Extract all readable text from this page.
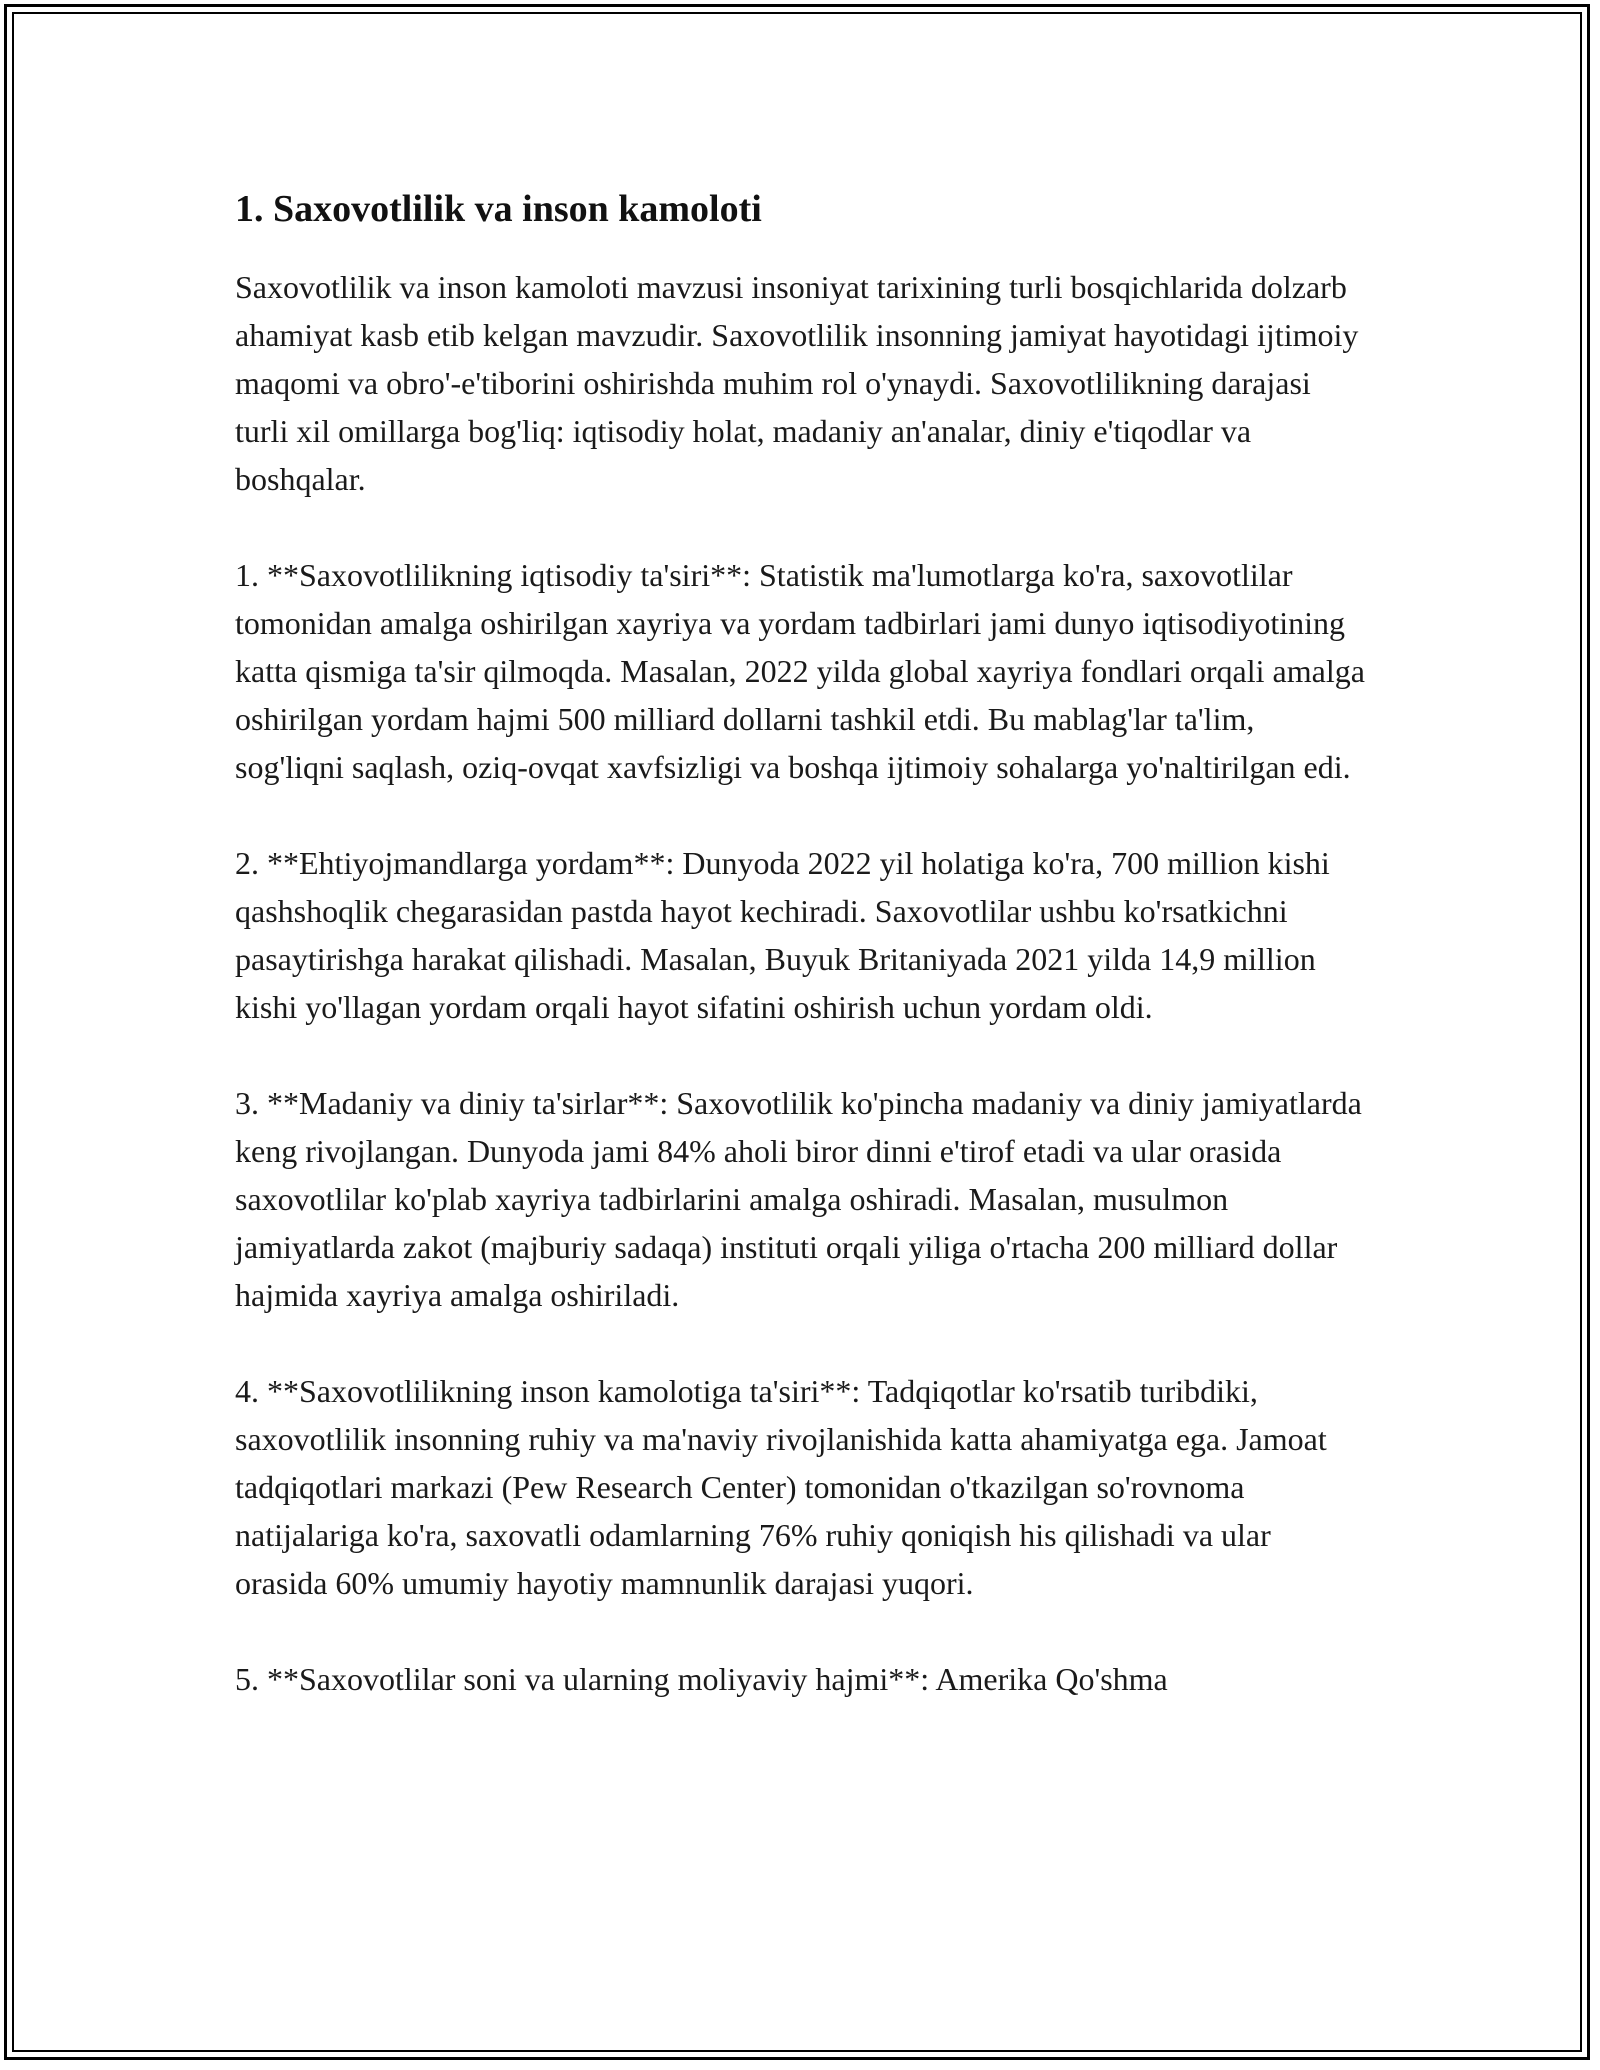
1. Saxovotlilik va inson kamoloti

Saxovotlilik va inson kamoloti mavzusi insoniyat tarixining turli bosqichlarida dolzarb ahamiyat kasb etib kelgan mavzudir. Saxovotlilik insonning jamiyat hayotidagi ijtimoiy maqomi va obro'-e'tiborini oshirishda muhim rol o'ynaydi. Saxovotlilikning darajasi turli xil omillarga bog'liq: iqtisodiy holat, madaniy an'analar, diniy e'tiqodlar va boshqalar.

1. **Saxovotlilikning iqtisodiy ta'siri**: Statistik ma'lumotlarga ko'ra, saxovotlilar tomonidan amalga oshirilgan xayriya va yordam tadbirlari jami dunyo iqtisodiyotining katta qismiga ta'sir qilmoqda. Masalan, 2022 yilda global xayriya fondlari orqali amalga oshirilgan yordam hajmi 500 milliard dollarni tashkil etdi. Bu mablag'lar ta'lim, sog'liqni saqlash, oziq-ovqat xavfsizligi va boshqa ijtimoiy sohalarga yo'naltirilgan edi.

2. **Ehtiyojmandlarga yordam**: Dunyoda 2022 yil holatiga ko'ra, 700 million kishi qashshoqlik chegarasidan pastda hayot kechiradi. Saxovotlilar ushbu ko'rsatkichni pasaytirishga harakat qilishadi. Masalan, Buyuk Britaniyada 2021 yilda 14,9 million kishi yo'llagan yordam orqali hayot sifatini oshirish uchun yordam oldi.

3. **Madaniy va diniy ta'sirlar**: Saxovotlilik ko'pincha madaniy va diniy jamiyatlarda keng rivojlangan. Dunyoda jami 84% aholi biror dinni e'tirof etadi va ular orasida saxovotlilar ko'plab xayriya tadbirlarini amalga oshiradi. Masalan, musulmon jamiyatlarda zakot (majburiy sadaqa) instituti orqali yiliga o'rtacha 200 milliard dollar hajmida xayriya amalga oshiriladi.

4. **Saxovotlilikning inson kamolotiga ta'siri**: Tadqiqotlar ko'rsatib turibdiki, saxovotlilik insonning ruhiy va ma'naviy rivojlanishida katta ahamiyatga ega. Jamoat tadqiqotlari markazi (Pew Research Center) tomonidan o'tkazilgan so'rovnoma natijalariga ko'ra, saxovatli odamlarning 76% ruhiy qoniqish his qilishadi va ular orasida 60% umumiy hayotiy mamnunlik darajasi yuqori.

5. **Saxovotlilar soni va ularning moliyaviy hajmi**: Amerika Qo'shma
